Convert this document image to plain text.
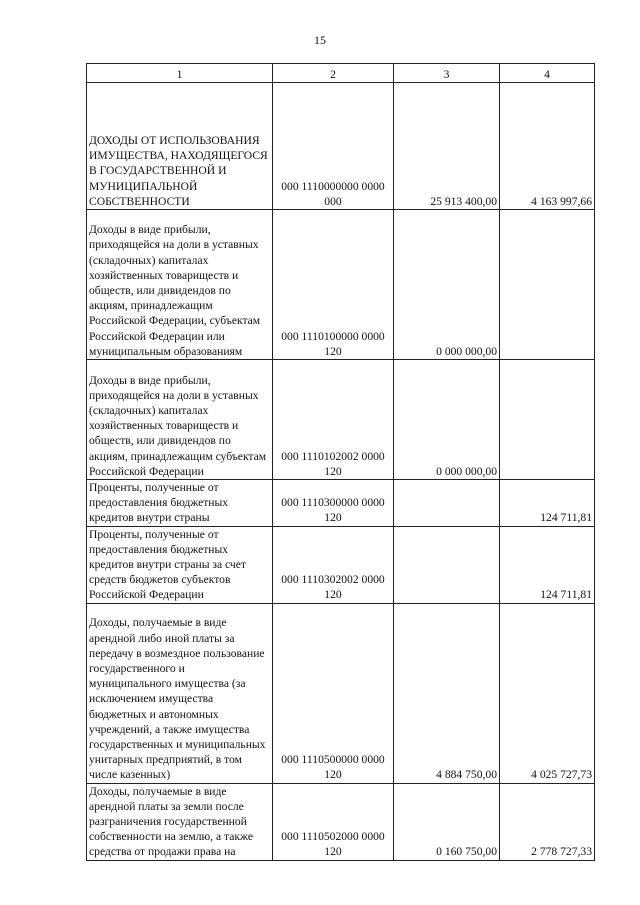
15
1	2	3	4
ДОХОДЫ ОТ ИСПОЛЬЗОВАНИЯ ИМУЩЕСТВА, НАХОДЯЩЕГОСЯ В ГОСУДАРСТВЕННОЙ И МУНИЦИПАЛЬНОЙ СОБСТВЕННОСТИ	000 1110000000 0000 000	25 913 400,00	4 163 997,66
Доходы в виде прибыли, приходящейся на доли в уставных (складочных) капиталах хозяйственных товариществ и обществ, или дивидендов по акциям, принадлежащим Российской Федерации, субъектам Российской Федерации или муниципальным образованиям	000 1110100000 0000 120	0 000 000,00	
Доходы в виде прибыли, приходящейся на доли в уставных (складочных) капиталах хозяйственных товариществ и обществ, или дивидендов по акциям, принадлежащим субъектам Российской Федерации	000 1110102002 0000 120	0 000 000,00	
Проценты, полученные от предоставления бюджетных кредитов внутри страны	000 1110300000 0000 120		124 711,81
Проценты, полученные от предоставления бюджетных кредитов внутри страны за счет средств бюджетов субъектов Российской Федерации	000 1110302002 0000 120		124 711,81
Доходы, получаемые в виде арендной либо иной платы за передачу в возмездное пользование государственного и муниципального имущества (за исключением имущества бюджетных и автономных учреждений, а также имущества государственных и муниципальных унитарных предприятий, в том числе казенных)	000 1110500000 0000 120	4 884 750,00	4 025 727,73
Доходы, получаемые в виде арендной платы за земли после разграничения государственной собственности на землю, а также средства от продажи права на	000 1110502000 0000 120	0 160 750,00	2 778 727,33
